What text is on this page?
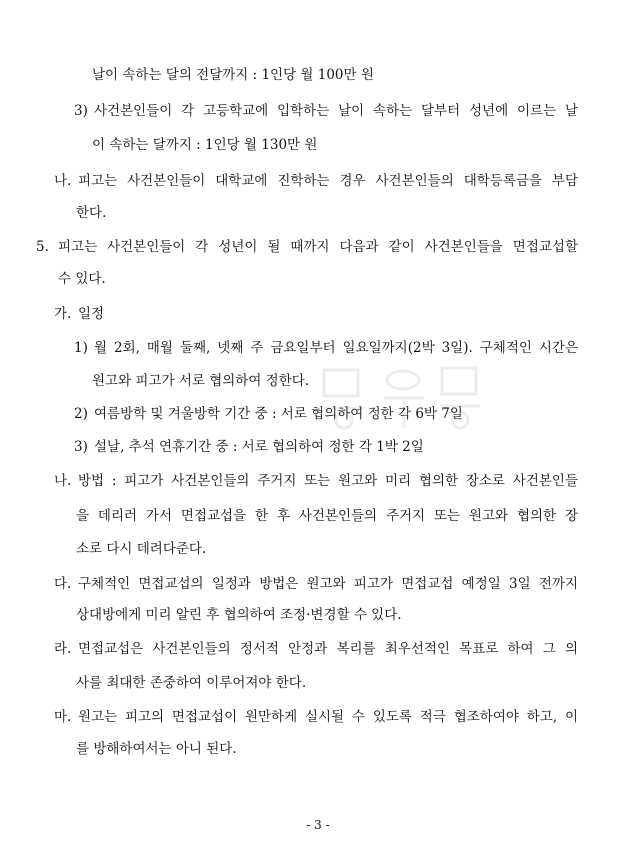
날이 속하는 달의 전달까지 : 1인당 월 100만 원
3) 사건본인들이 각 고등학교에 입학하는 날이 속하는 달부터 성년에 이르는 날
이 속하는 달까지 : 1인당 월 130만 원
나. 피고는 사건본인들이 대학교에 진학하는 경우 사건본인들의 대학등록금을 부담
한다.
5. 피고는 사건본인들이 각 성년이 될 때까지 다음과 같이 사건본인들을 면접교섭할
수 있다.
가. 일정
1) 월 2회, 매월 둘째, 넷째 주 금요일부터 일요일까지(2박 3일). 구체적인 시간은
원고와 피고가 서로 협의하여 정한다.
2) 여름방학 및 겨울방학 기간 중 : 서로 협의하여 정한 각 6박 7일
3) 설날, 추석 연휴기간 중 : 서로 협의하여 정한 각 1박 2일
나. 방법 : 피고가 사건본인들의 주거지 또는 원고와 미리 협의한 장소로 사건본인들
을 데리러 가서 면접교섭을 한 후 사건본인들의 주거지 또는 원고와 협의한 장
소로 다시 데려다준다.
다. 구체적인 면접교섭의 일정과 방법은 원고와 피고가 면접교섭 예정일 3일 전까지
상대방에게 미리 알린 후 협의하여 조정·변경할 수 있다.
라. 면접교섭은 사건본인들의 정서적 안정과 복리를 최우선적인 목표로 하여 그 의
사를 최대한 존중하여 이루어져야 한다.
마. 원고는 피고의 면접교섭이 원만하게 실시될 수 있도록 적극 협조하여야 하고, 이
를 방해하여서는 아니 된다.
- 3 -
